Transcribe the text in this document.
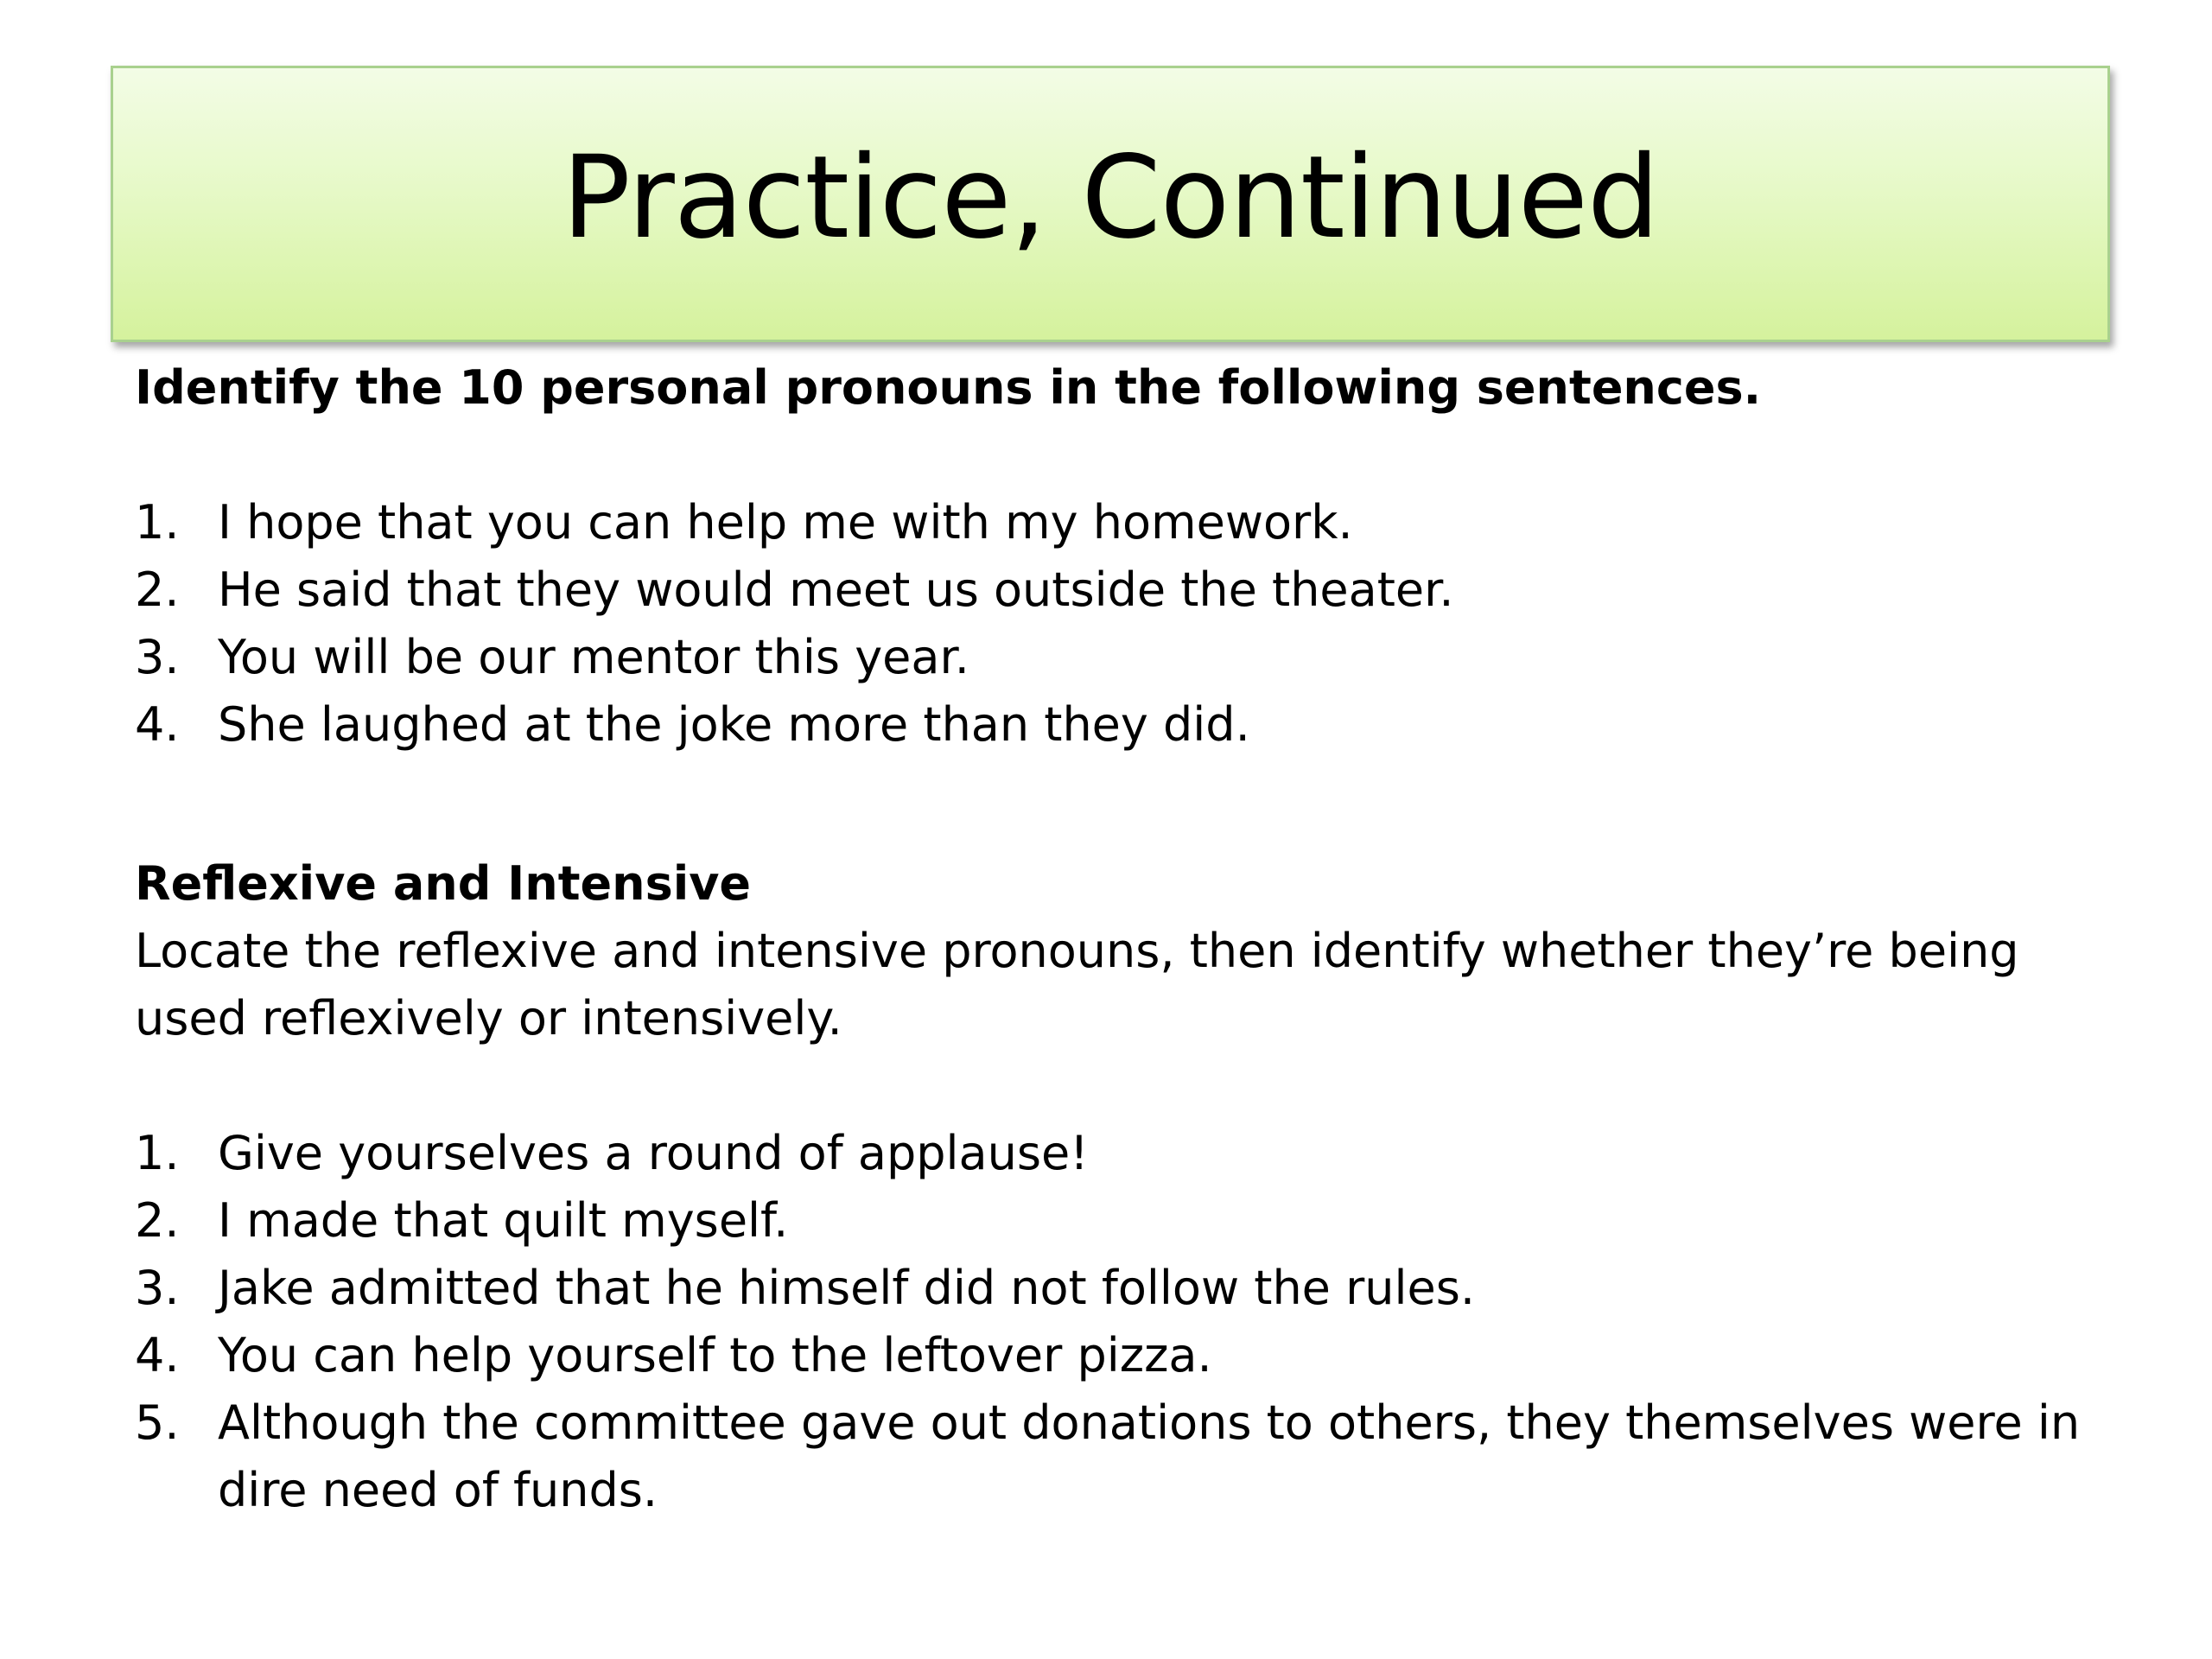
Practice, Continued

Identify the 10 personal pronouns in the following sentences.

1. I hope that you can help me with my homework.
2. He said that they would meet us outside the theater.
3. You will be our mentor this year.
4. She laughed at the joke more than they did.

Reflexive and Intensive

Locate the reflexive and intensive pronouns, then identify whether they’re being used reflexively or intensively.

1. Give yourselves a round of applause!
2. I made that quilt myself.
3. Jake admitted that he himself did not follow the rules.
4. You can help yourself to the leftover pizza.
5. Although the committee gave out donations to others, they themselves were in dire need of funds.
